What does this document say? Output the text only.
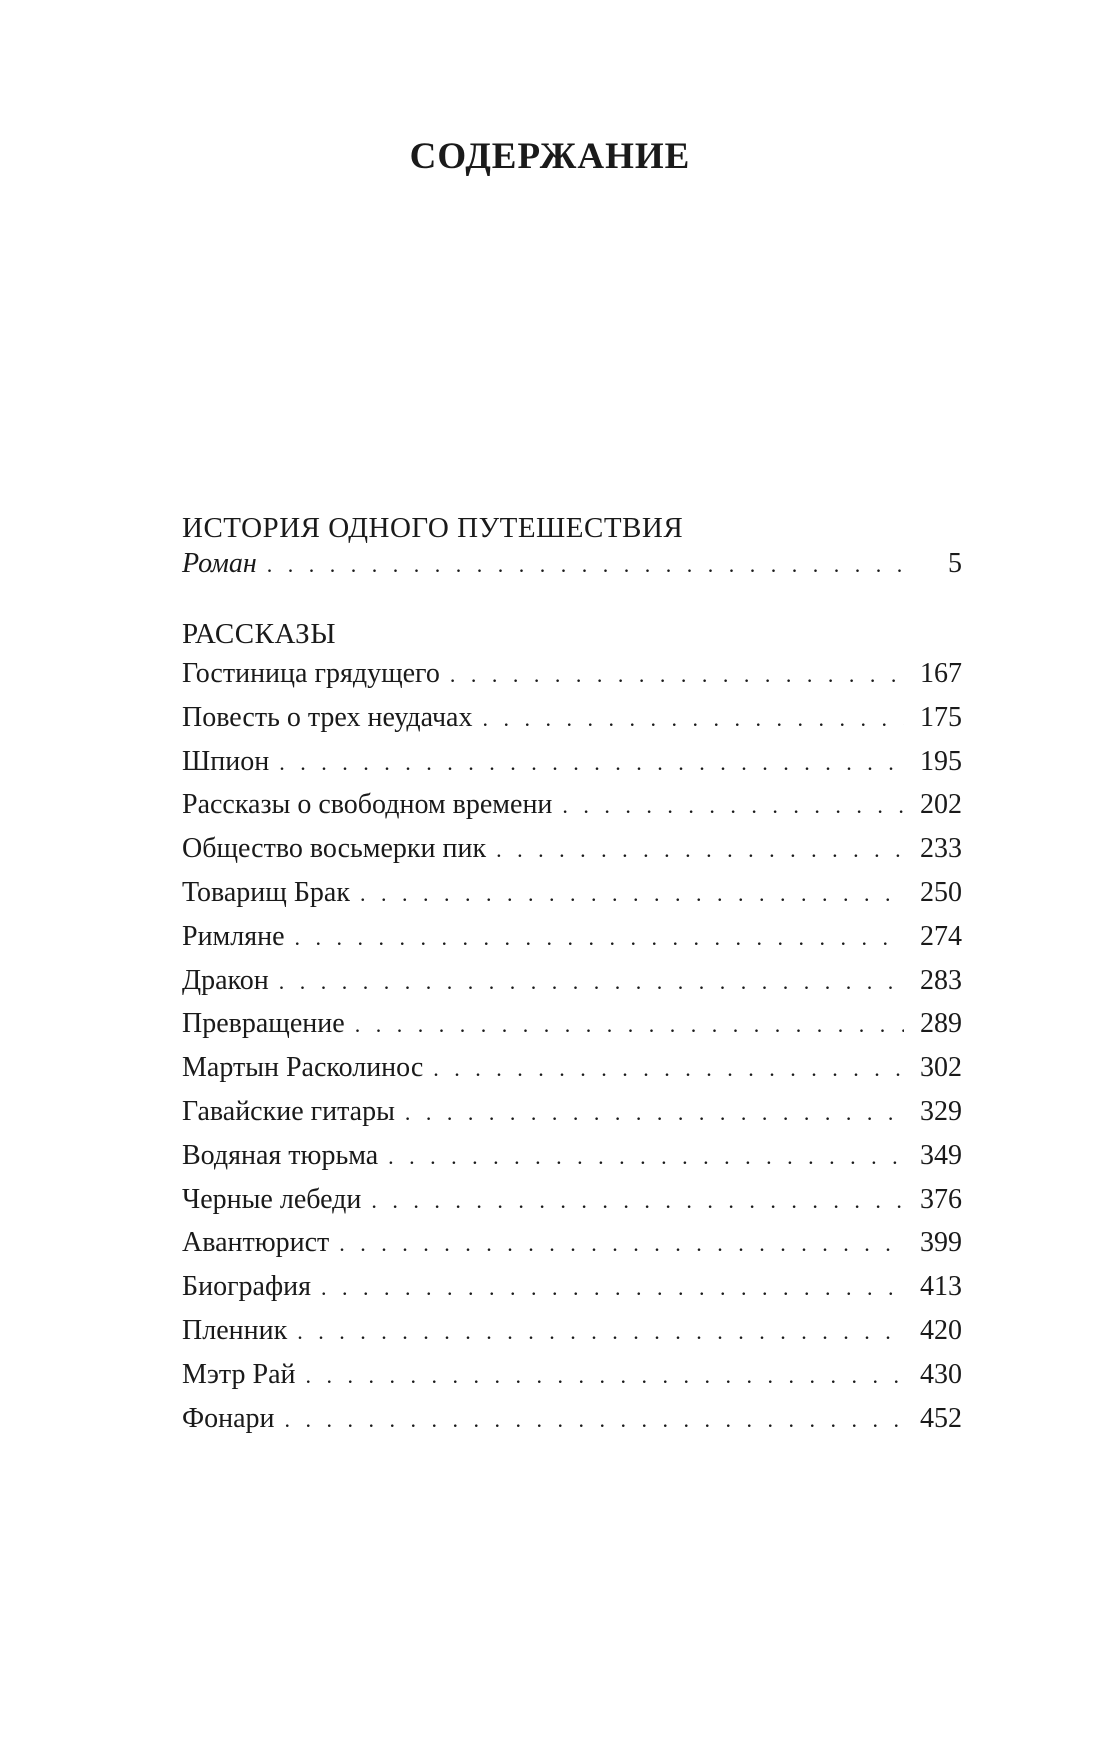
СОДЕРЖАНИЕ
ИСТОРИЯ ОДНОГО ПУТЕШЕСТВИЯ
Роман . . .	5
РАССКАЗЫ
Гостиница грядущего . . .	167
Повесть о трех неудачах . . .	175
Шпион . . .	195
Рассказы о свободном времени . . .	202
Общество восьмерки пик . . .	233
Товарищ Брак . . .	250
Римляне . . .	274
Дракон . . .	283
Превращение . . .	289
Мартын Расколинос . . .	302
Гавайские гитары . . .	329
Водяная тюрьма . . .	349
Черные лебеди . . .	376
Авантюрист . . .	399
Биография . . .	413
Пленник . . .	420
Мэтр Рай . . .	430
Фонари . . .	452
